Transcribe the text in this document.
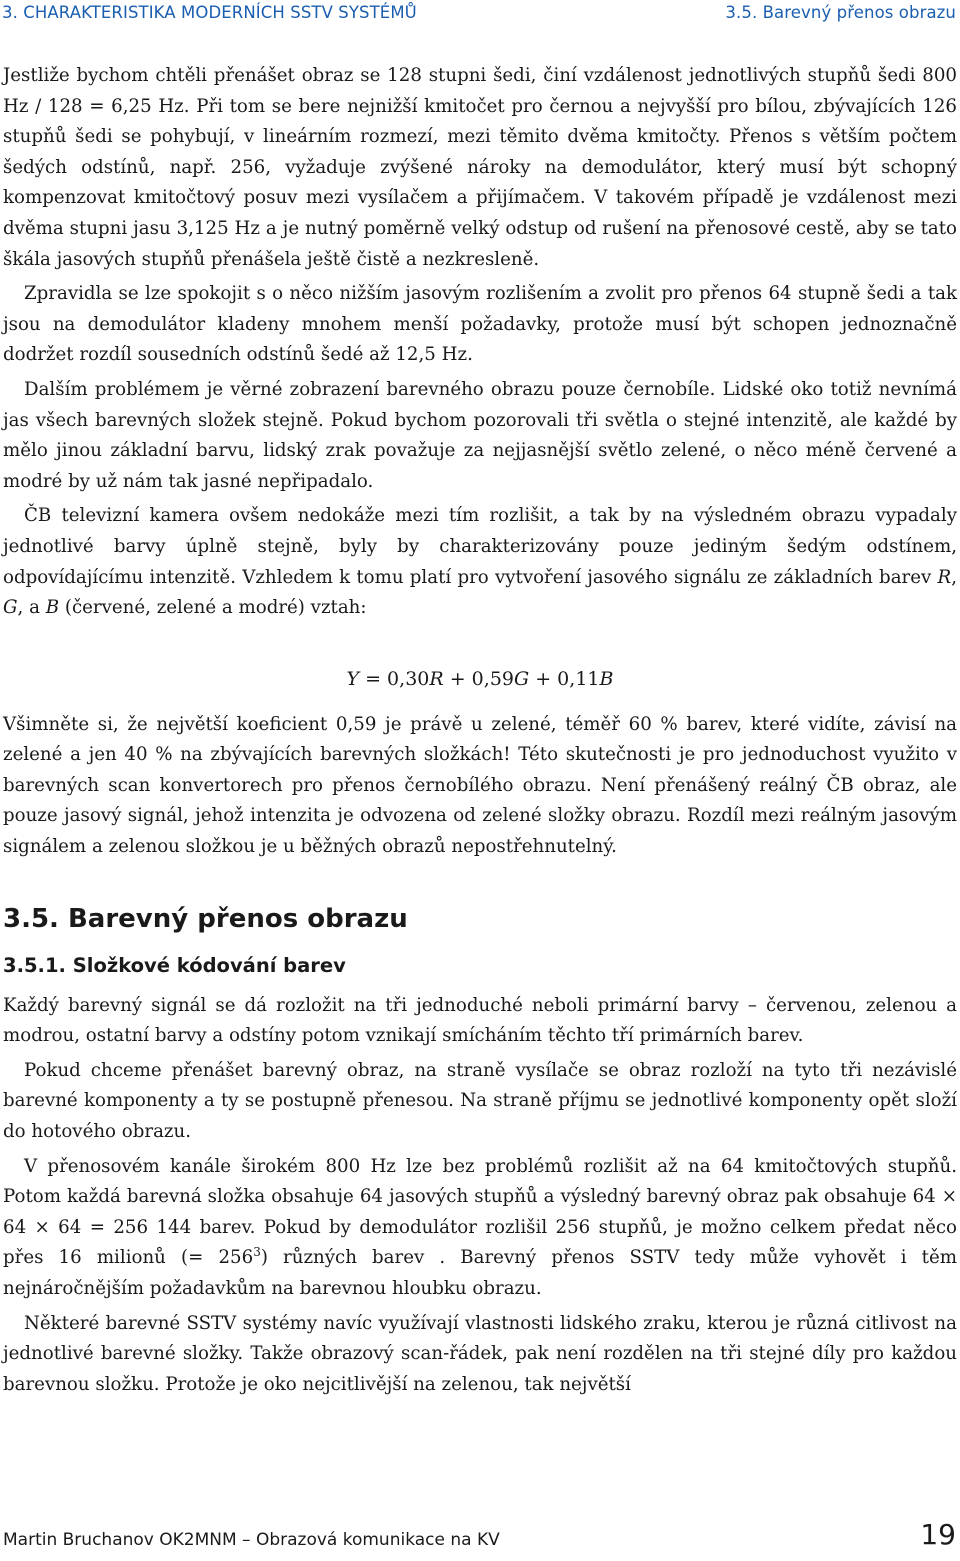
3. CHARAKTERISTIKA MODERNÍCH SSTV SYSTÉMŮ	3.5. Barevný přenos obrazu

Jestliže bychom chtěli přenášet obraz se 128 stupni šedi, činí vzdálenost jednotlivých stupňů šedi 800 Hz / 128 = 6,25 Hz. Při tom se bere nejnižší kmitočet pro černou a nejvyšší pro bílou, zbývajících 126 stupňů šedi se pohybují, v lineárním rozmezí, mezi těmito dvěma kmitočty. Přenos s větším počtem šedých odstínů, např. 256, vyžaduje zvýšené nároky na demodulátor, který musí být schopný kompenzovat kmitočtový posuv mezi vysílačem a přijímačem. V takovém případě je vzdálenost mezi dvěma stupni jasu 3,125 Hz a je nutný poměrně velký odstup od rušení na přenosové cestě, aby se tato škála jasových stupňů přenášela ještě čistě a nezkresleně.

Zpravidla se lze spokojit s o něco nižším jasovým rozlišením a zvolit pro přenos 64 stupně šedi a tak jsou na demodulátor kladeny mnohem menší požadavky, protože musí být schopen jednoznačně dodržet rozdíl sousedních odstínů šedé až 12,5 Hz.

Dalším problémem je věrné zobrazení barevného obrazu pouze černobíle. Lidské oko totiž nevnímá jas všech barevných složek stejně. Pokud bychom pozorovali tři světla o stejné intenzitě, ale každé by mělo jinou základní barvu, lidský zrak považuje za nejjasnější světlo zelené, o něco méně červené a modré by už nám tak jasné nepřipadalo.

ČB televizní kamera ovšem nedokáže mezi tím rozlišit, a tak by na výsledném obrazu vypadaly jednotlivé barvy úplně stejně, byly by charakterizovány pouze jediným šedým odstínem, odpovídajícímu intenzitě. Vzhledem k tomu platí pro vytvoření jasového signálu ze základních barev R, G, a B (červené, zelené a modré) vztah:

Y = 0,30R + 0,59G + 0,11B

Všimněte si, že největší koeficient 0,59 je právě u zelené, téměř 60 % barev, které vidíte, závisí na zelené a jen 40 % na zbývajících barevných složkách! Této skutečnosti je pro jednoduchost využito v barevných scan konvertorech pro přenos černobílého obrazu. Není přenášený reálný ČB obraz, ale pouze jasový signál, jehož intenzita je odvozena od zelené složky obrazu. Rozdíl mezi reálným jasovým signálem a zelenou složkou je u běžných obrazů nepostřehnutelný.

3.5. Barevný přenos obrazu
3.5.1. Složkové kódování barev

Každý barevný signál se dá rozložit na tři jednoduché neboli primární barvy – červenou, zelenou a modrou, ostatní barvy a odstíny potom vznikají smícháním těchto tří primárních barev.

Pokud chceme přenášet barevný obraz, na straně vysílače se obraz rozloží na tyto tři nezávislé barevné komponenty a ty se postupně přenesou. Na straně příjmu se jednotlivé komponenty opět složí do hotového obrazu.

V přenosovém kanále širokém 800 Hz lze bez problémů rozlišit až na 64 kmitočtových stupňů. Potom každá barevná složka obsahuje 64 jasových stupňů a výsledný barevný obraz pak obsahuje 64 × 64 × 64 = 256 144 barev. Pokud by demodulátor rozlišil 256 stupňů, je možno celkem předat něco přes 16 milionů (= $256^3$) různých barev . Barevný přenos SSTV tedy může vyhovět i těm nejnáročnějším požadavkům na barevnou hloubku obrazu.

Některé barevné SSTV systémy navíc využívají vlastnosti lidského zraku, kterou je různá citlivost na jednotlivé barevné složky. Takže obrazový scan-řádek, pak není rozdělen na tři stejné díly pro každou barevnou složku. Protože je oko nejcitlivější na zelenou, tak největší

Martin Bruchanov OK2MNM – Obrazová komunikace na KV	19
